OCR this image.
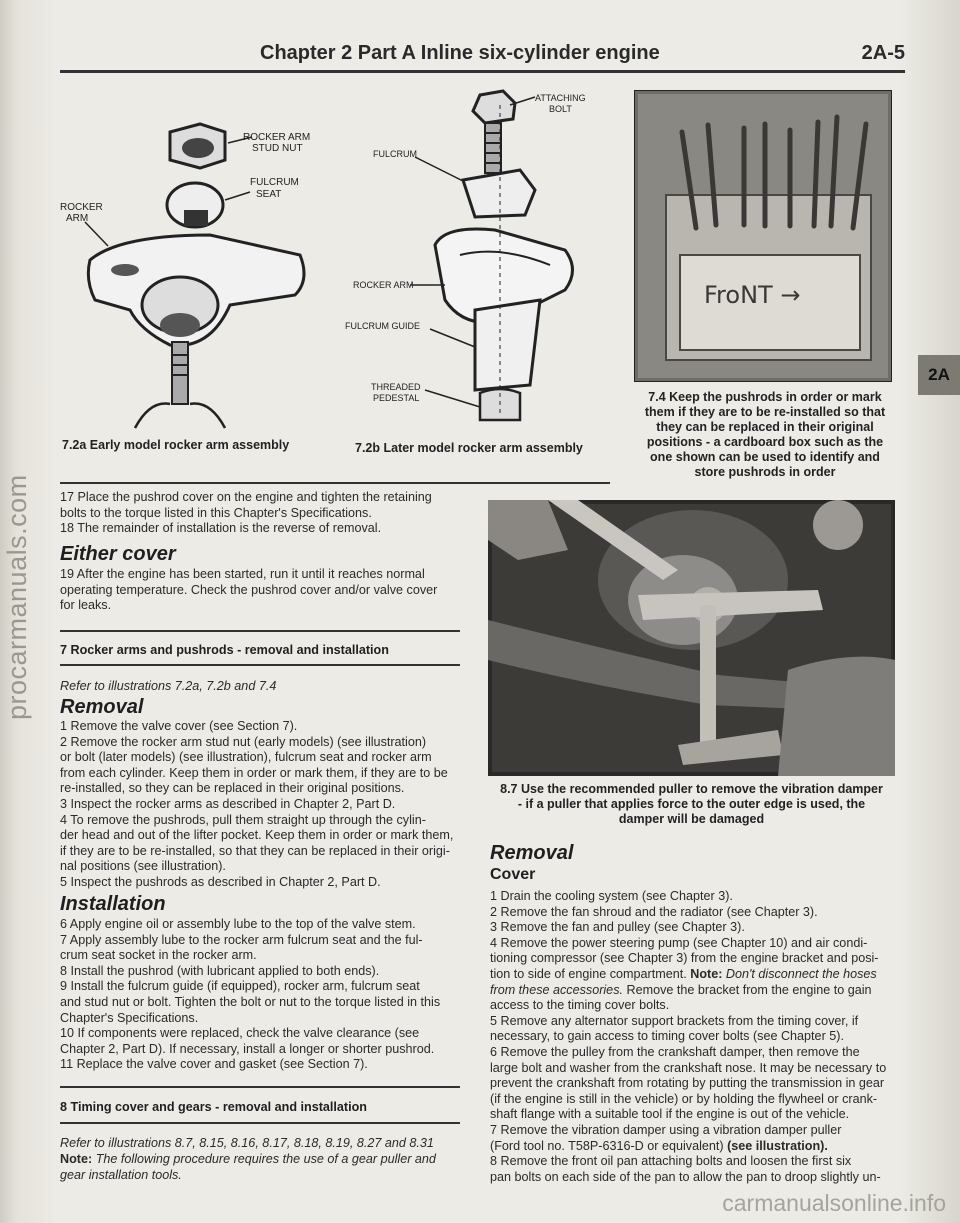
Chapter 2 Part A Inline six-cylinder engine	2A-5
ROCKER ARM
STUD NUT
FULCRUM
SEAT
ROCKER
ARM
7.2a Early model rocker arm assembly
ATTACHING
BOLT
FULCRUM
ROCKER ARM
FULCRUM GUIDE
THREADED
PEDESTAL
7.2b Later model rocker arm assembly
FroNT →
7.4 Keep the pushrods in order or mark
them if they are to be re-installed so that
they can be replaced in their original
positions - a cardboard box such as the
one shown can be used to identify and
store pushrods in order
2A

17 Place the pushrod cover on the engine and tighten the retaining

bolts to the torque listed in this Chapter's Specifications.

18 The remainder of installation is the reverse of removal.

Either cover

19 After the engine has been started, run it until it reaches normal

operating temperature. Check the pushrod cover and/or valve cover

for leaks.

7 Rocker arms and pushrods - removal and installation
Refer to illustrations 7.2a, 7.2b and 7.4
Removal

1 Remove the valve cover (see Section 7).

2 Remove the rocker arm stud nut (early models) (see illustration)

or bolt (later models) (see illustration), fulcrum seat and rocker arm

from each cylinder. Keep them in order or mark them, if they are to be

re-installed, so they can be replaced in their original positions.

3 Inspect the rocker arms as described in Chapter 2, Part D.

4 To remove the pushrods, pull them straight up through the cylin-

der head and out of the lifter pocket. Keep them in order or mark them,

if they are to be re-installed, so that they can be replaced in their origi-

nal positions (see illustration).

5 Inspect the pushrods as described in Chapter 2, Part D.

Installation

6 Apply engine oil or assembly lube to the top of the valve stem.

7 Apply assembly lube to the rocker arm fulcrum seat and the ful-

crum seat socket in the rocker arm.

8 Install the pushrod (with lubricant applied to both ends).

9 Install the fulcrum guide (if equipped), rocker arm, fulcrum seat

and stud nut or bolt. Tighten the bolt or nut to the torque listed in this

Chapter's Specifications.

10 If components were replaced, check the valve clearance (see

Chapter 2, Part D). If necessary, install a longer or shorter pushrod.

11 Replace the valve cover and gasket (see Section 7).

8 Timing cover and gears - removal and installation
Refer to illustrations 8.7, 8.15, 8.16, 8.17, 8.18, 8.19, 8.27 and 8.31

Note: The following procedure requires the use of a gear puller and

gear installation tools.

8.7 Use the recommended puller to remove the vibration damper
- if a puller that applies force to the outer edge is used, the
damper will be damaged
Removal
Cover

1 Drain the cooling system (see Chapter 3).

2 Remove the fan shroud and the radiator (see Chapter 3).

3 Remove the fan and pulley (see Chapter 3).

4 Remove the power steering pump (see Chapter 10) and air condi-

tioning compressor (see Chapter 3) from the engine bracket and posi-

tion to side of engine compartment. Note: Don't disconnect the hoses

from these accessories. Remove the bracket from the engine to gain

access to the timing cover bolts.

5 Remove any alternator support brackets from the timing cover, if

necessary, to gain access to timing cover bolts (see Chapter 5).

6 Remove the pulley from the crankshaft damper, then remove the

large bolt and washer from the crankshaft nose. It may be necessary to

prevent the crankshaft from rotating by putting the transmission in gear

(if the engine is still in the vehicle) or by holding the flywheel or crank-

shaft flange with a suitable tool if the engine is out of the vehicle.

7 Remove the vibration damper using a vibration damper puller

(Ford tool no. T58P-6316-D or equivalent) (see illustration).

8 Remove the front oil pan attaching bolts and loosen the first six

pan bolts on each side of the pan to allow the pan to droop slightly un-

procarmanuals.com
carmanualsonline.info
